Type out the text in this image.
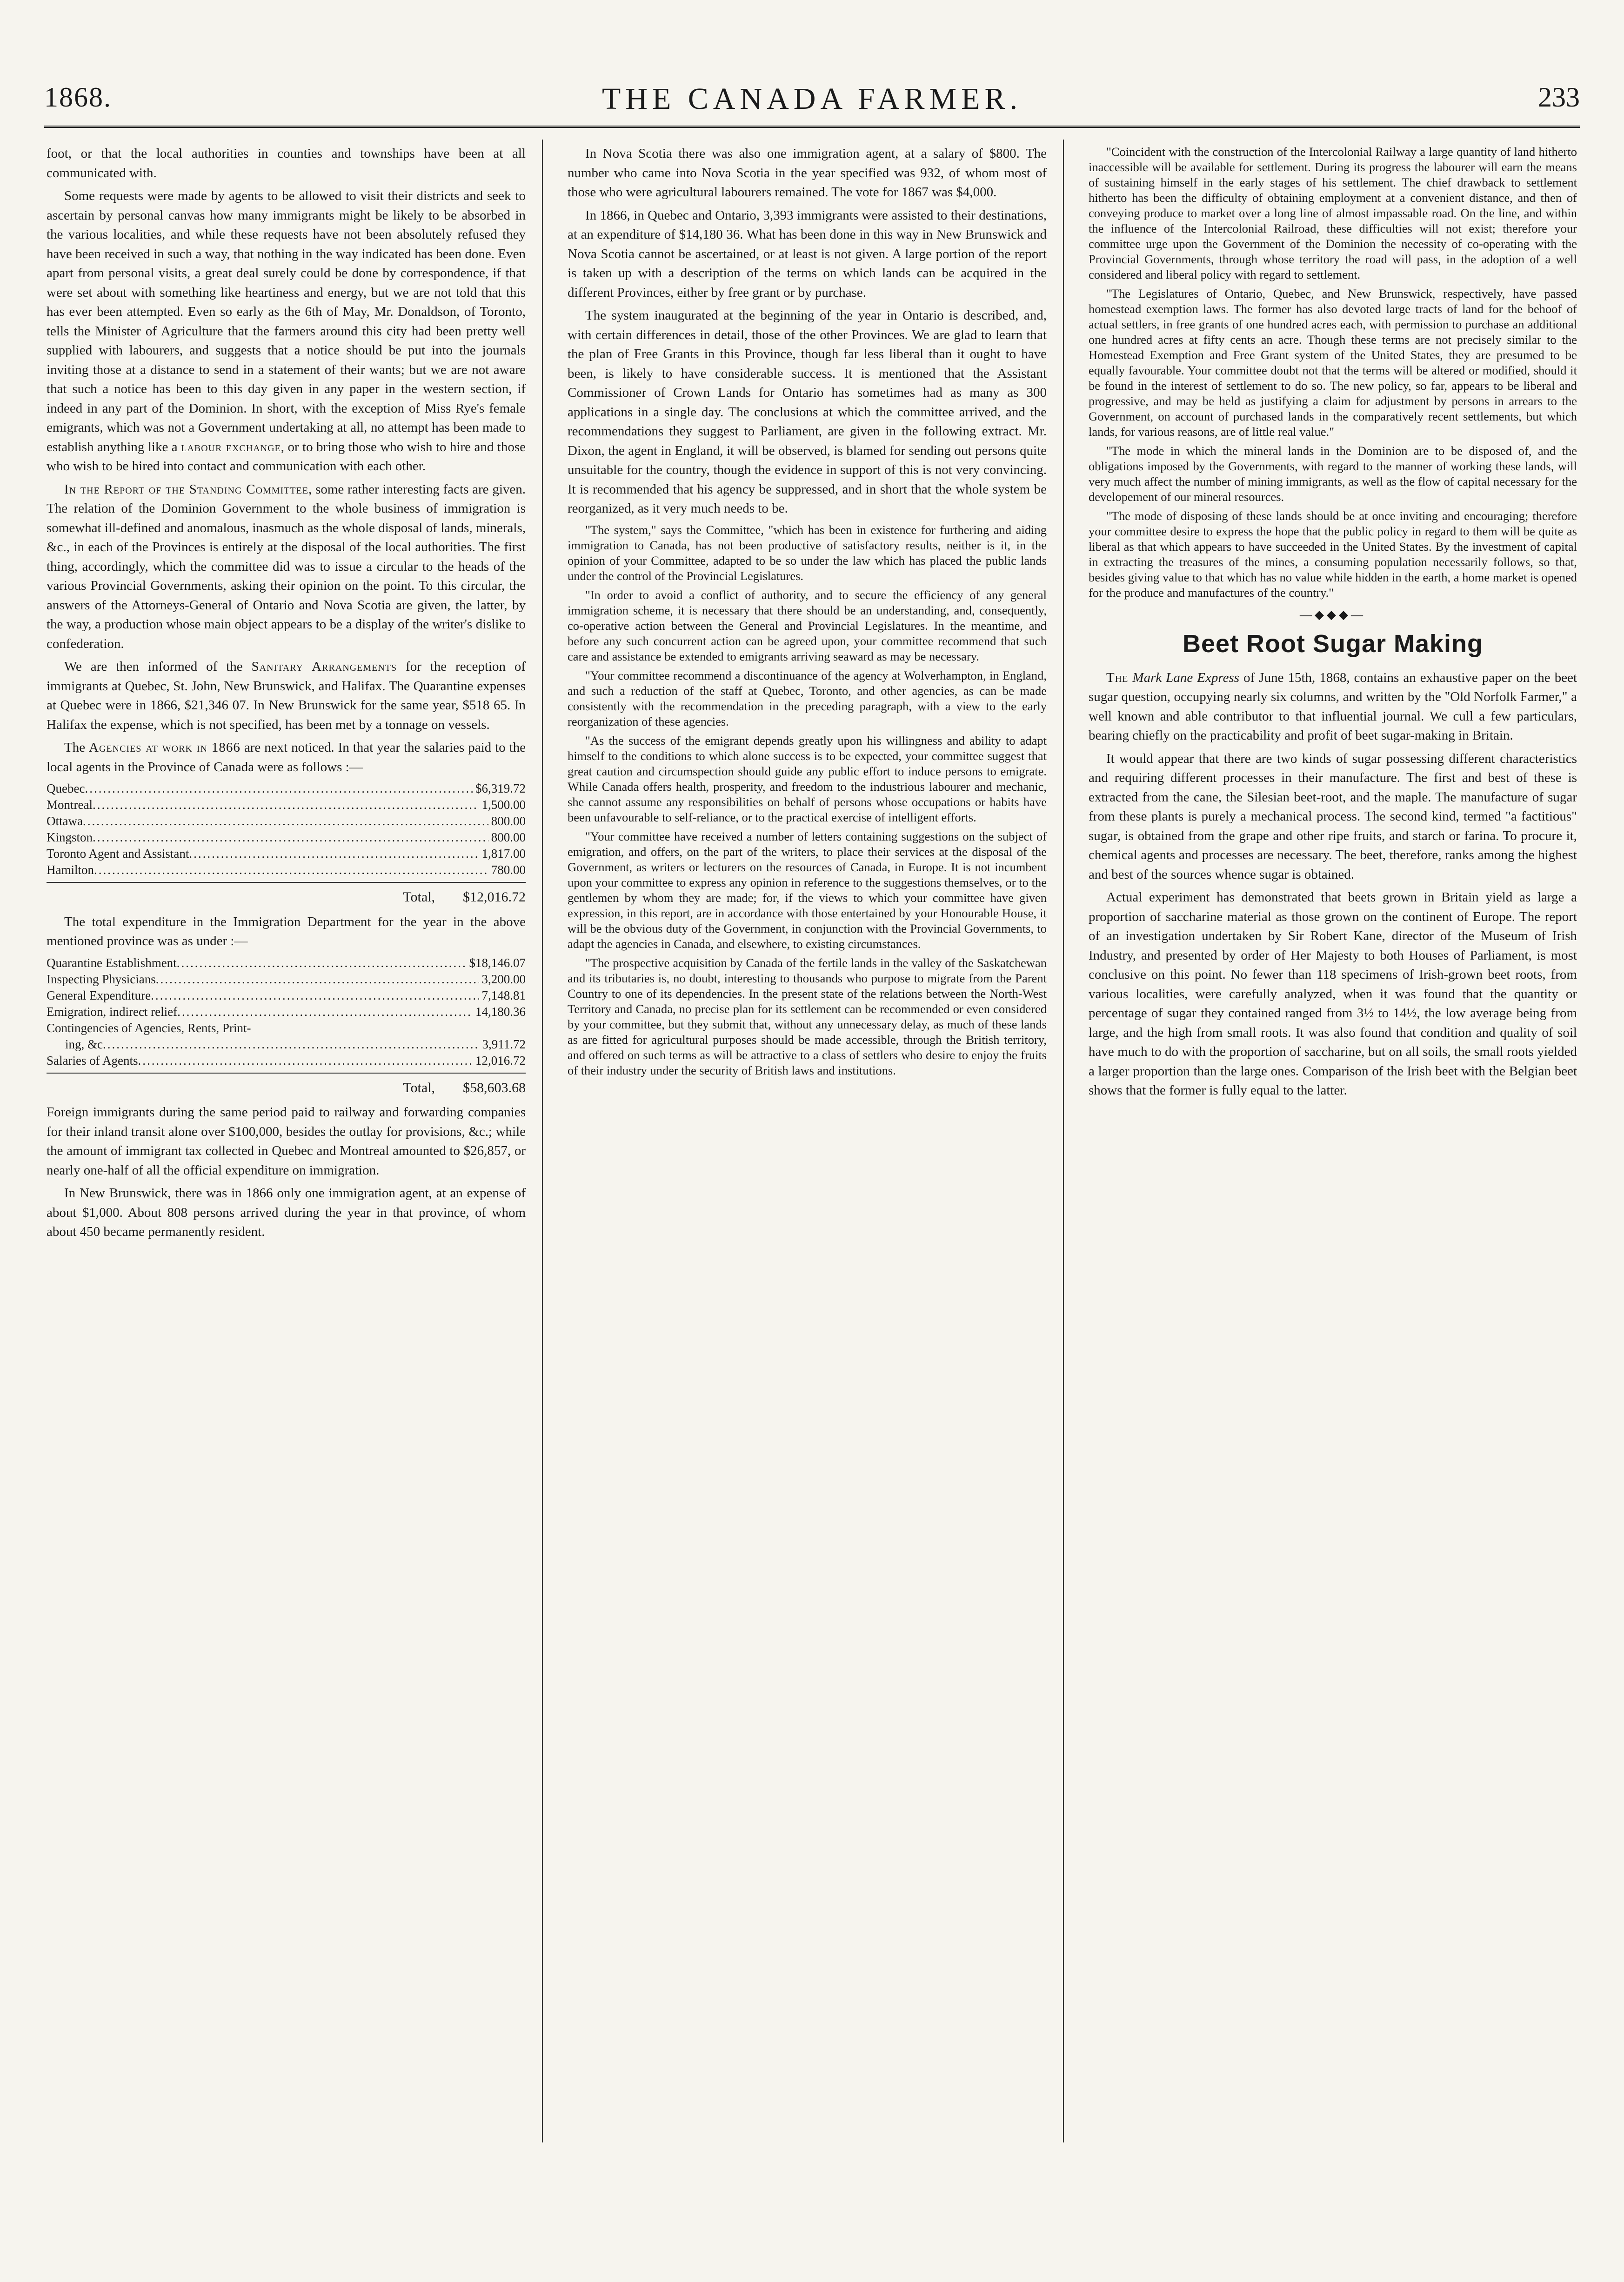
1868.	THE CANADA FARMER.	233

foot, or that the local authorities in counties and townships have been at all communicated with.

Some requests were made by agents to be allowed to visit their districts and seek to ascertain by personal canvas how many immigrants might be likely to be absorbed in the various localities, and while these requests have not been absolutely refused they have been received in such a way, that nothing in the way indicated has been done. Even apart from personal visits, a great deal surely could be done by correspondence, if that were set about with something like heartiness and energy, but we are not told that this has ever been attempted. Even so early as the 6th of May, Mr. Donaldson, of Toronto, tells the Minister of Agriculture that the farmers around this city had been pretty well supplied with labourers, and suggests that a notice should be put into the journals inviting those at a distance to send in a statement of their wants; but we are not aware that such a notice has been to this day given in any paper in the western section, if indeed in any part of the Dominion. In short, with the exception of Miss Rye's female emigrants, which was not a Government undertaking at all, no attempt has been made to establish anything like a labour exchange, or to bring those who wish to hire and those who wish to be hired into contact and communication with each other.

In the Report of the Standing Committee, some rather interesting facts are given. The relation of the Dominion Government to the whole business of immigration is somewhat ill-defined and anomalous, inasmuch as the whole disposal of lands, minerals, &c., in each of the Provinces is entirely at the disposal of the local authorities. The first thing, accordingly, which the committee did was to issue a circular to the heads of the various Provincial Governments, asking their opinion on the point. To this circular, the answers of the Attorneys-General of Ontario and Nova Scotia are given, the latter, by the way, a production whose main object appears to be a display of the writer's dislike to confederation.

We are then informed of the Sanitary Arrangements for the reception of immigrants at Quebec, St. John, New Brunswick, and Halifax. The Quarantine expenses at Quebec were in 1866, $21,346 07. In New Brunswick for the same year, $518 65. In Halifax the expense, which is not specified, has been met by a tonnage on vessels.

The Agencies at work in 1866 are next noticed. In that year the salaries paid to the local agents in the Province of Canada were as follows :—

Quebec .....	$6,319.72
Montreal .....	1,500.00
Ottawa .....	800.00
Kingston .....	800.00
Toronto Agent and Assistant .....	1,817.00
Hamilton .....	780.00
Total, $12,016.72

The total expenditure in the Immigration Department for the year in the above mentioned province was as under :—

Quarantine Establishment .....	$18,146.07
Inspecting Physicians .....	3,200.00
General Expenditure .....	7,148.81
Emigration, indirect relief .....	14,180.36
Contingencies of Agencies, Rents, Print-
ing, &c .....	3,911.72
Salaries of Agents .....	12,016.72
Total, $58,603.68

Foreign immigrants during the same period paid to railway and forwarding companies for their inland transit alone over $100,000, besides the outlay for provisions, &c.; while the amount of immigrant tax collected in Quebec and Montreal amounted to $26,857, or nearly one-half of all the official expenditure on immigration.

In New Brunswick, there was in 1866 only one immigration agent, at an expense of about $1,000. About 808 persons arrived during the year in that province, of whom about 450 became permanently resident.

In Nova Scotia there was also one immigration agent, at a salary of $800. The number who came into Nova Scotia in the year specified was 932, of whom most of those who were agricultural labourers remained. The vote for 1867 was $4,000.

In 1866, in Quebec and Ontario, 3,393 immigrants were assisted to their destinations, at an expenditure of $14,180 36. What has been done in this way in New Brunswick and Nova Scotia cannot be ascertained, or at least is not given. A large portion of the report is taken up with a description of the terms on which lands can be acquired in the different Provinces, either by free grant or by purchase.

The system inaugurated at the beginning of the year in Ontario is described, and, with certain differences in detail, those of the other Provinces. We are glad to learn that the plan of Free Grants in this Province, though far less liberal than it ought to have been, is likely to have considerable success. It is mentioned that the Assistant Commissioner of Crown Lands for Ontario has sometimes had as many as 300 applications in a single day. The conclusions at which the committee arrived, and the recommendations they suggest to Parliament, are given in the following extract. Mr. Dixon, the agent in England, it will be observed, is blamed for sending out persons quite unsuitable for the country, though the evidence in support of this is not very convincing. It is recommended that his agency be suppressed, and in short that the whole system be reorganized, as it very much needs to be.

"The system," says the Committee, "which has been in existence for furthering and aiding immigration to Canada, has not been productive of satisfactory results, neither is it, in the opinion of your Committee, adapted to be so under the law which has placed the public lands under the control of the Provincial Legislatures.

"In order to avoid a conflict of authority, and to secure the efficiency of any general immigration scheme, it is necessary that there should be an understanding, and, consequently, co-operative action between the General and Provincial Legislatures. In the meantime, and before any such concurrent action can be agreed upon, your committee recommend that such care and assistance be extended to emigrants arriving seaward as may be necessary.

"Your committee recommend a discontinuance of the agency at Wolverhampton, in England, and such a reduction of the staff at Quebec, Toronto, and other agencies, as can be made consistently with the recommendation in the preceding paragraph, with a view to the early reorganization of these agencies.

"As the success of the emigrant depends greatly upon his willingness and ability to adapt himself to the conditions to which alone success is to be expected, your committee suggest that great caution and circumspection should guide any public effort to induce persons to emigrate. While Canada offers health, prosperity, and freedom to the industrious labourer and mechanic, she cannot assume any responsibilities on behalf of persons whose occupations or habits have been unfavourable to self-reliance, or to the practical exercise of intelligent efforts.

"Your committee have received a number of letters containing suggestions on the subject of emigration, and offers, on the part of the writers, to place their services at the disposal of the Government, as writers or lecturers on the resources of Canada, in Europe. It is not incumbent upon your committee to express any opinion in reference to the suggestions themselves, or to the gentlemen by whom they are made; for, if the views to which your committee have given expression, in this report, are in accordance with those entertained by your Honourable House, it will be the obvious duty of the Government, in conjunction with the Provincial Governments, to adapt the agencies in Canada, and elsewhere, to existing circumstances.

"The prospective acquisition by Canada of the fertile lands in the valley of the Saskatchewan and its tributaries is, no doubt, interesting to thousands who purpose to migrate from the Parent Country to one of its dependencies. In the present state of the relations between the North-West Territory and Canada, no precise plan for its settlement can be recommended or even considered by your committee, but they submit that, without any unnecessary delay, as much of these lands as are fitted for agricultural purposes should be made accessible, through the British territory, and offered on such terms as will be attractive to a class of settlers who desire to enjoy the fruits of their industry under the security of British laws and institutions.

"Coincident with the construction of the Intercolonial Railway a large quantity of land hitherto inaccessible will be available for settlement. During its progress the labourer will earn the means of sustaining himself in the early stages of his settlement. The chief drawback to settlement hitherto has been the difficulty of obtaining employment at a convenient distance, and then of conveying produce to market over a long line of almost impassable road. On the line, and within the influence of the Intercolonial Railroad, these difficulties will not exist; therefore your committee urge upon the Government of the Dominion the necessity of co-operating with the Provincial Governments, through whose territory the road will pass, in the adoption of a well considered and liberal policy with regard to settlement.

"The Legislatures of Ontario, Quebec, and New Brunswick, respectively, have passed homestead exemption laws. The former has also devoted large tracts of land for the behoof of actual settlers, in free grants of one hundred acres each, with permission to purchase an additional one hundred acres at fifty cents an acre. Though these terms are not precisely similar to the Homestead Exemption and Free Grant system of the United States, they are presumed to be equally favourable. Your committee doubt not that the terms will be altered or modified, should it be found in the interest of settlement to do so. The new policy, so far, appears to be liberal and progressive, and may be held as justifying a claim for adjustment by persons in arrears to the Government, on account of purchased lands in the comparatively recent settlements, but which lands, for various reasons, are of little real value."

"The mode in which the mineral lands in the Dominion are to be disposed of, and the obligations imposed by the Governments, with regard to the manner of working these lands, will very much affect the number of mining immigrants, as well as the flow of capital necessary for the developement of our mineral resources.

"The mode of disposing of these lands should be at once inviting and encouraging; therefore your committee desire to express the hope that the public policy in regard to them will be quite as liberal as that which appears to have succeeded in the United States. By the investment of capital in extracting the treasures of the mines, a consuming population necessarily follows, so that, besides giving value to that which has no value while hidden in the earth, a home market is opened for the produce and manufactures of the country."

—◆◆◆—
Beet Root Sugar Making

The Mark Lane Express of June 15th, 1868, contains an exhaustive paper on the beet sugar question, occupying nearly six columns, and written by the "Old Norfolk Farmer," a well known and able contributor to that influential journal. We cull a few particulars, bearing chiefly on the practicability and profit of beet sugar-making in Britain.

It would appear that there are two kinds of sugar possessing different characteristics and requiring different processes in their manufacture. The first and best of these is extracted from the cane, the Silesian beet-root, and the maple. The manufacture of sugar from these plants is purely a mechanical process. The second kind, termed "a factitious" sugar, is obtained from the grape and other ripe fruits, and starch or farina. To procure it, chemical agents and processes are necessary. The beet, therefore, ranks among the highest and best of the sources whence sugar is obtained.

Actual experiment has demonstrated that beets grown in Britain yield as large a proportion of saccharine material as those grown on the continent of Europe. The report of an investigation undertaken by Sir Robert Kane, director of the Museum of Irish Industry, and presented by order of Her Majesty to both Houses of Parliament, is most conclusive on this point. No fewer than 118 specimens of Irish-grown beet roots, from various localities, were carefully analyzed, when it was found that the quantity or percentage of sugar they contained ranged from 3½ to 14½, the low average being from large, and the high from small roots. It was also found that condition and quality of soil have much to do with the proportion of saccharine, but on all soils, the small roots yielded a larger proportion than the large ones. Comparison of the Irish beet with the Belgian beet shows that the former is fully equal to the latter.
